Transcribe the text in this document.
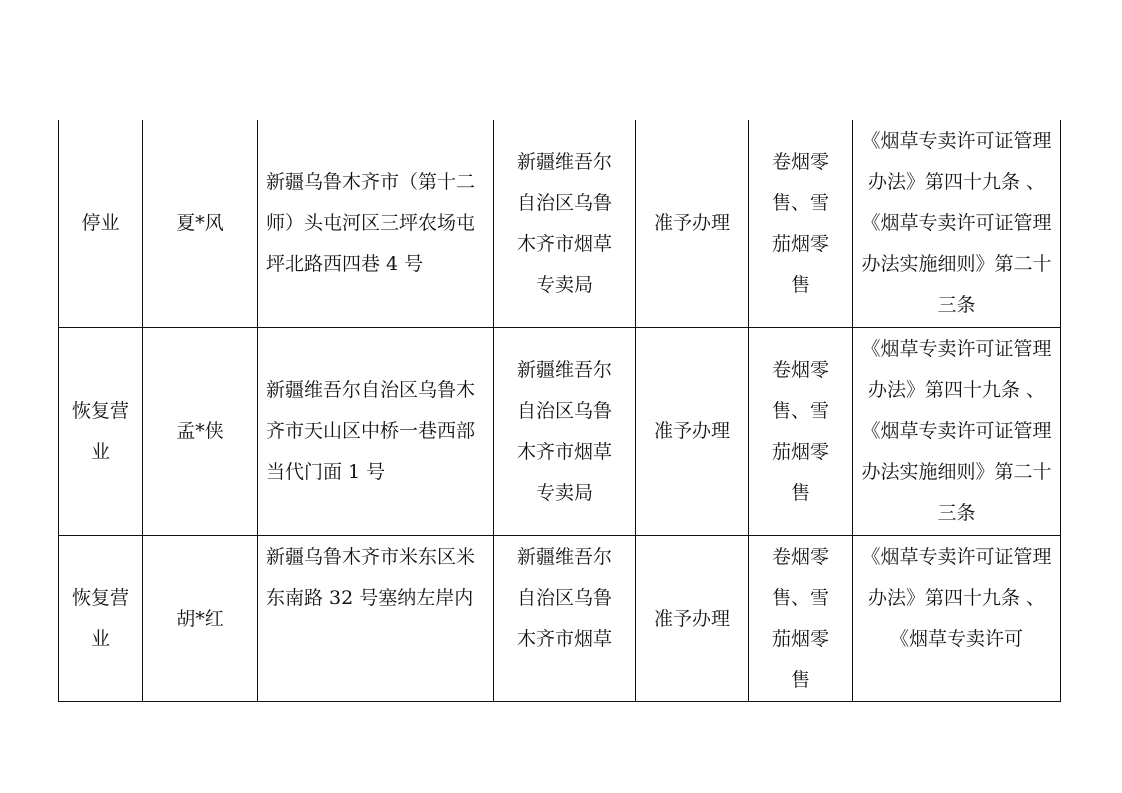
停业	夏*风	新疆乌鲁木齐市（第十二师）头屯河区三坪农场屯坪北路西四巷 4 号	新疆维吾尔自治区乌鲁木齐市烟草专卖局	准予办理	卷烟零售、雪茄烟零售	《烟草专卖许可证管理办法》第四十九条 、《烟草专卖许可证管理办法实施细则》第二十三条

恢复营业	孟*侠	新疆维吾尔自治区乌鲁木齐市天山区中桥一巷西部当代门面 1 号	新疆维吾尔自治区乌鲁木齐市烟草专卖局	准予办理	卷烟零售、雪茄烟零售	《烟草专卖许可证管理办法》第四十九条 、《烟草专卖许可证管理办法实施细则》第二十三条

恢复营业	胡*红	新疆乌鲁木齐市米东区米东南路 32 号塞纳左岸内	新疆维吾尔自治区乌鲁木齐市烟草	准予办理	卷烟零售、雪茄烟零售	《烟草专卖许可证管理办法》第四十九条 、《烟草专卖许可
